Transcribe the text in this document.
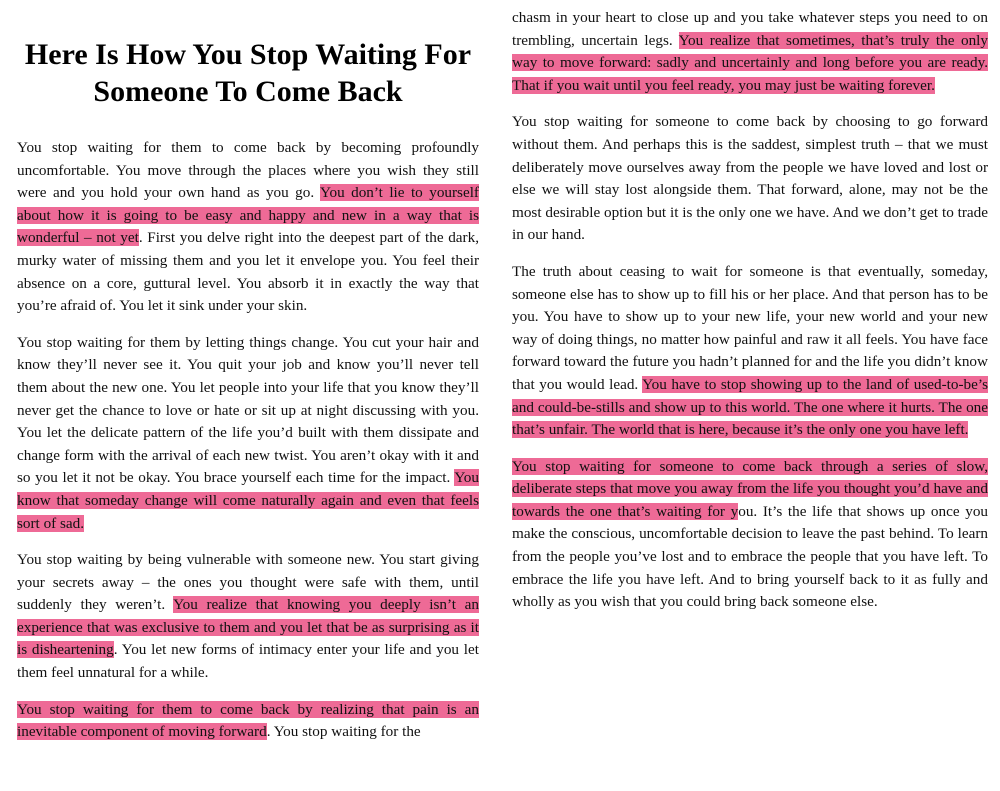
Here Is How You Stop Waiting For Someone To Come Back

You stop waiting for them to come back by becoming profoundly uncomfortable. You move through the places where you wish they still were and you hold your own hand as you go. You don’t lie to yourself about how it is going to be easy and happy and new in a way that is wonderful – not yet. First you delve right into the deepest part of the dark, murky water of missing them and you let it envelope you. You feel their absence on a core, guttural level. You absorb it in exactly the way that you’re afraid of. You let it sink under your skin.

You stop waiting for them by letting things change. You cut your hair and know they’ll never see it. You quit your job and know you’ll never tell them about the new one. You let people into your life that you know they’ll never get the chance to love or hate or sit up at night discussing with you. You let the delicate pattern of the life you’d built with them dissipate and change form with the arrival of each new twist. You aren’t okay with it and so you let it not be okay. You brace yourself each time for the impact. You know that someday change will come naturally again and even that feels sort of sad.

You stop waiting by being vulnerable with someone new. You start giving your secrets away – the ones you thought were safe with them, until suddenly they weren’t. You realize that knowing you deeply isn’t an experience that was exclusive to them and you let that be as surprising as it is disheartening. You let new forms of intimacy enter your life and you let them feel unnatural for a while.

You stop waiting for them to come back by realizing that pain is an inevitable component of moving forward. You stop waiting for the

chasm in your heart to close up and you take whatever steps you need to on trembling, uncertain legs. You realize that sometimes, that’s truly the only way to move forward: sadly and uncertainly and long before you are ready. That if you wait until you feel ready, you may just be waiting forever.

You stop waiting for someone to come back by choosing to go forward without them. And perhaps this is the saddest, simplest truth – that we must deliberately move ourselves away from the people we have loved and lost or else we will stay lost alongside them. That forward, alone, may not be the most desirable option but it is the only one we have. And we don’t get to trade in our hand.

The truth about ceasing to wait for someone is that eventually, someday, someone else has to show up to fill his or her place. And that person has to be you. You have to show up to your new life, your new world and your new way of doing things, no matter how painful and raw it all feels. You have face forward toward the future you hadn’t planned for and the life you didn’t know that you would lead. You have to stop showing up to the land of used-to-be’s and could-be-stills and show up to this world. The one where it hurts. The one that’s unfair. The world that is here, because it’s the only one you have left.

You stop waiting for someone to come back through a series of slow, deliberate steps that move you away from the life you thought you’d have and towards the one that’s waiting for you. It’s the life that shows up once you make the conscious, uncomfortable decision to leave the past behind. To learn from the people you’ve lost and to embrace the people that you have left. To embrace the life you have left. And to bring yourself back to it as fully and wholly as you wish that you could bring back someone else.
